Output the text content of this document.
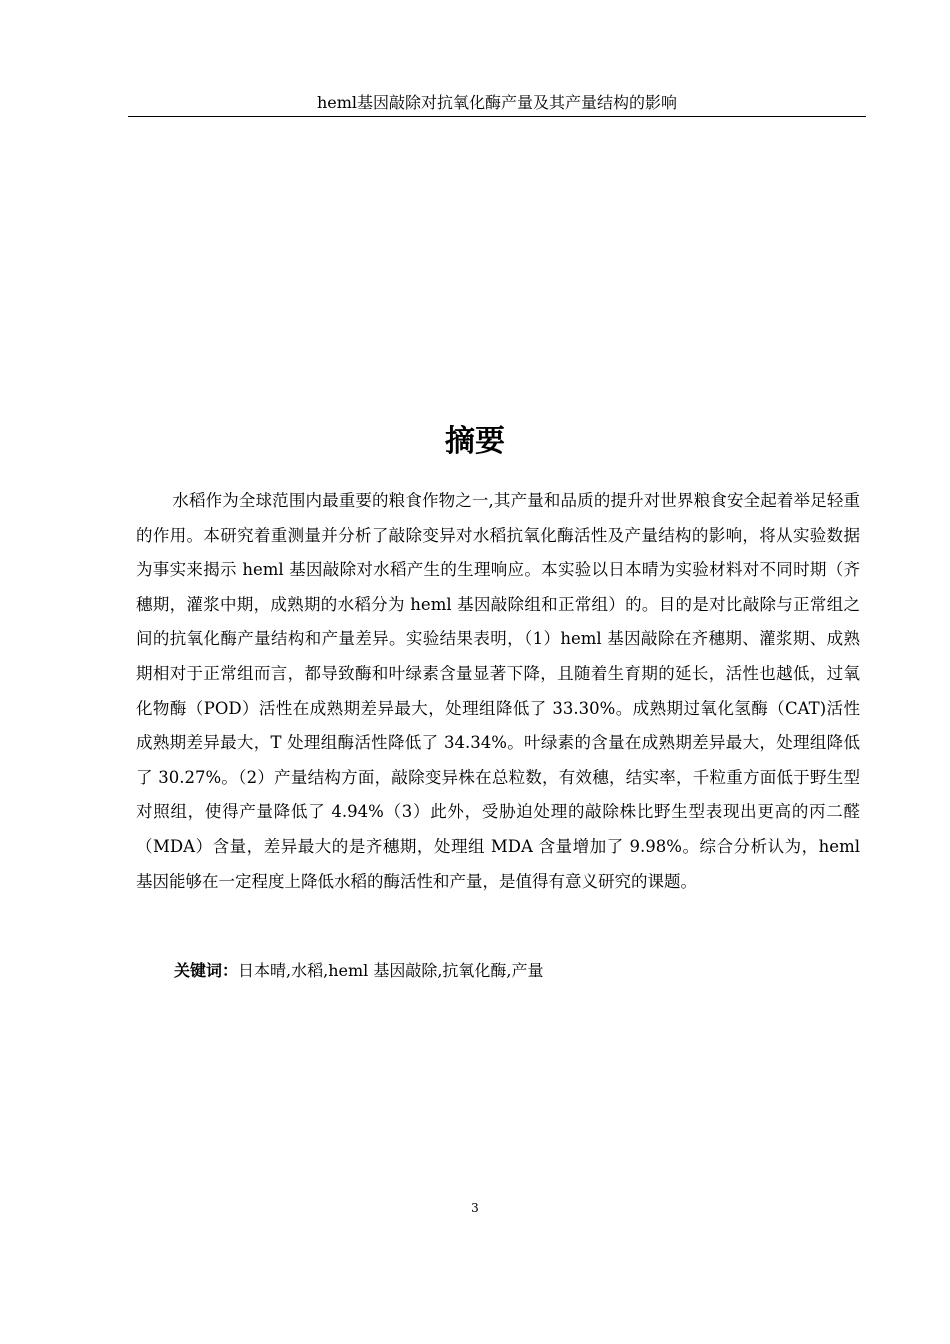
heml基因敲除对抗氧化酶产量及其产量结构的影响
摘要

水稻作为全球范围内最重要的粮食作物之一,其产量和品质的提升对世界粮食安全起着举足轻重的作用。本研究着重测量并分析了敲除变异对水稻抗氧化酶活性及产量结构的影响，将从实验数据为事实来揭示 heml 基因敲除对水稻产生的生理响应。本实验以日本晴为实验材料对不同时期（齐穗期，灌浆中期，成熟期的水稻分为 heml 基因敲除组和正常组）的。目的是对比敲除与正常组之间的抗氧化酶产量结构和产量差异。实验结果表明，（1）heml 基因敲除在齐穗期、灌浆期、成熟期相对于正常组而言，都导致酶和叶绿素含量显著下降，且随着生育期的延长，活性也越低，过氧化物酶（POD）活性在成熟期差异最大，处理组降低了 33.30%。成熟期过氧化氢酶（CAT)活性成熟期差异最大，T 处理组酶活性降低了 34.34%。叶绿素的含量在成熟期差异最大，处理组降低了 30.27%。（2）产量结构方面，敲除变异株在总粒数，有效穗，结实率，千粒重方面低于野生型对照组，使得产量降低了 4.94%（3）此外，受胁迫处理的敲除株比野生型表现出更高的丙二醛（MDA）含量，差异最大的是齐穗期，处理组 MDA 含量增加了 9.98%。综合分析认为，heml 基因能够在一定程度上降低水稻的酶活性和产量，是值得有意义研究的课题。

关键词：日本晴,水稻,heml 基因敲除,抗氧化酶,产量
3
